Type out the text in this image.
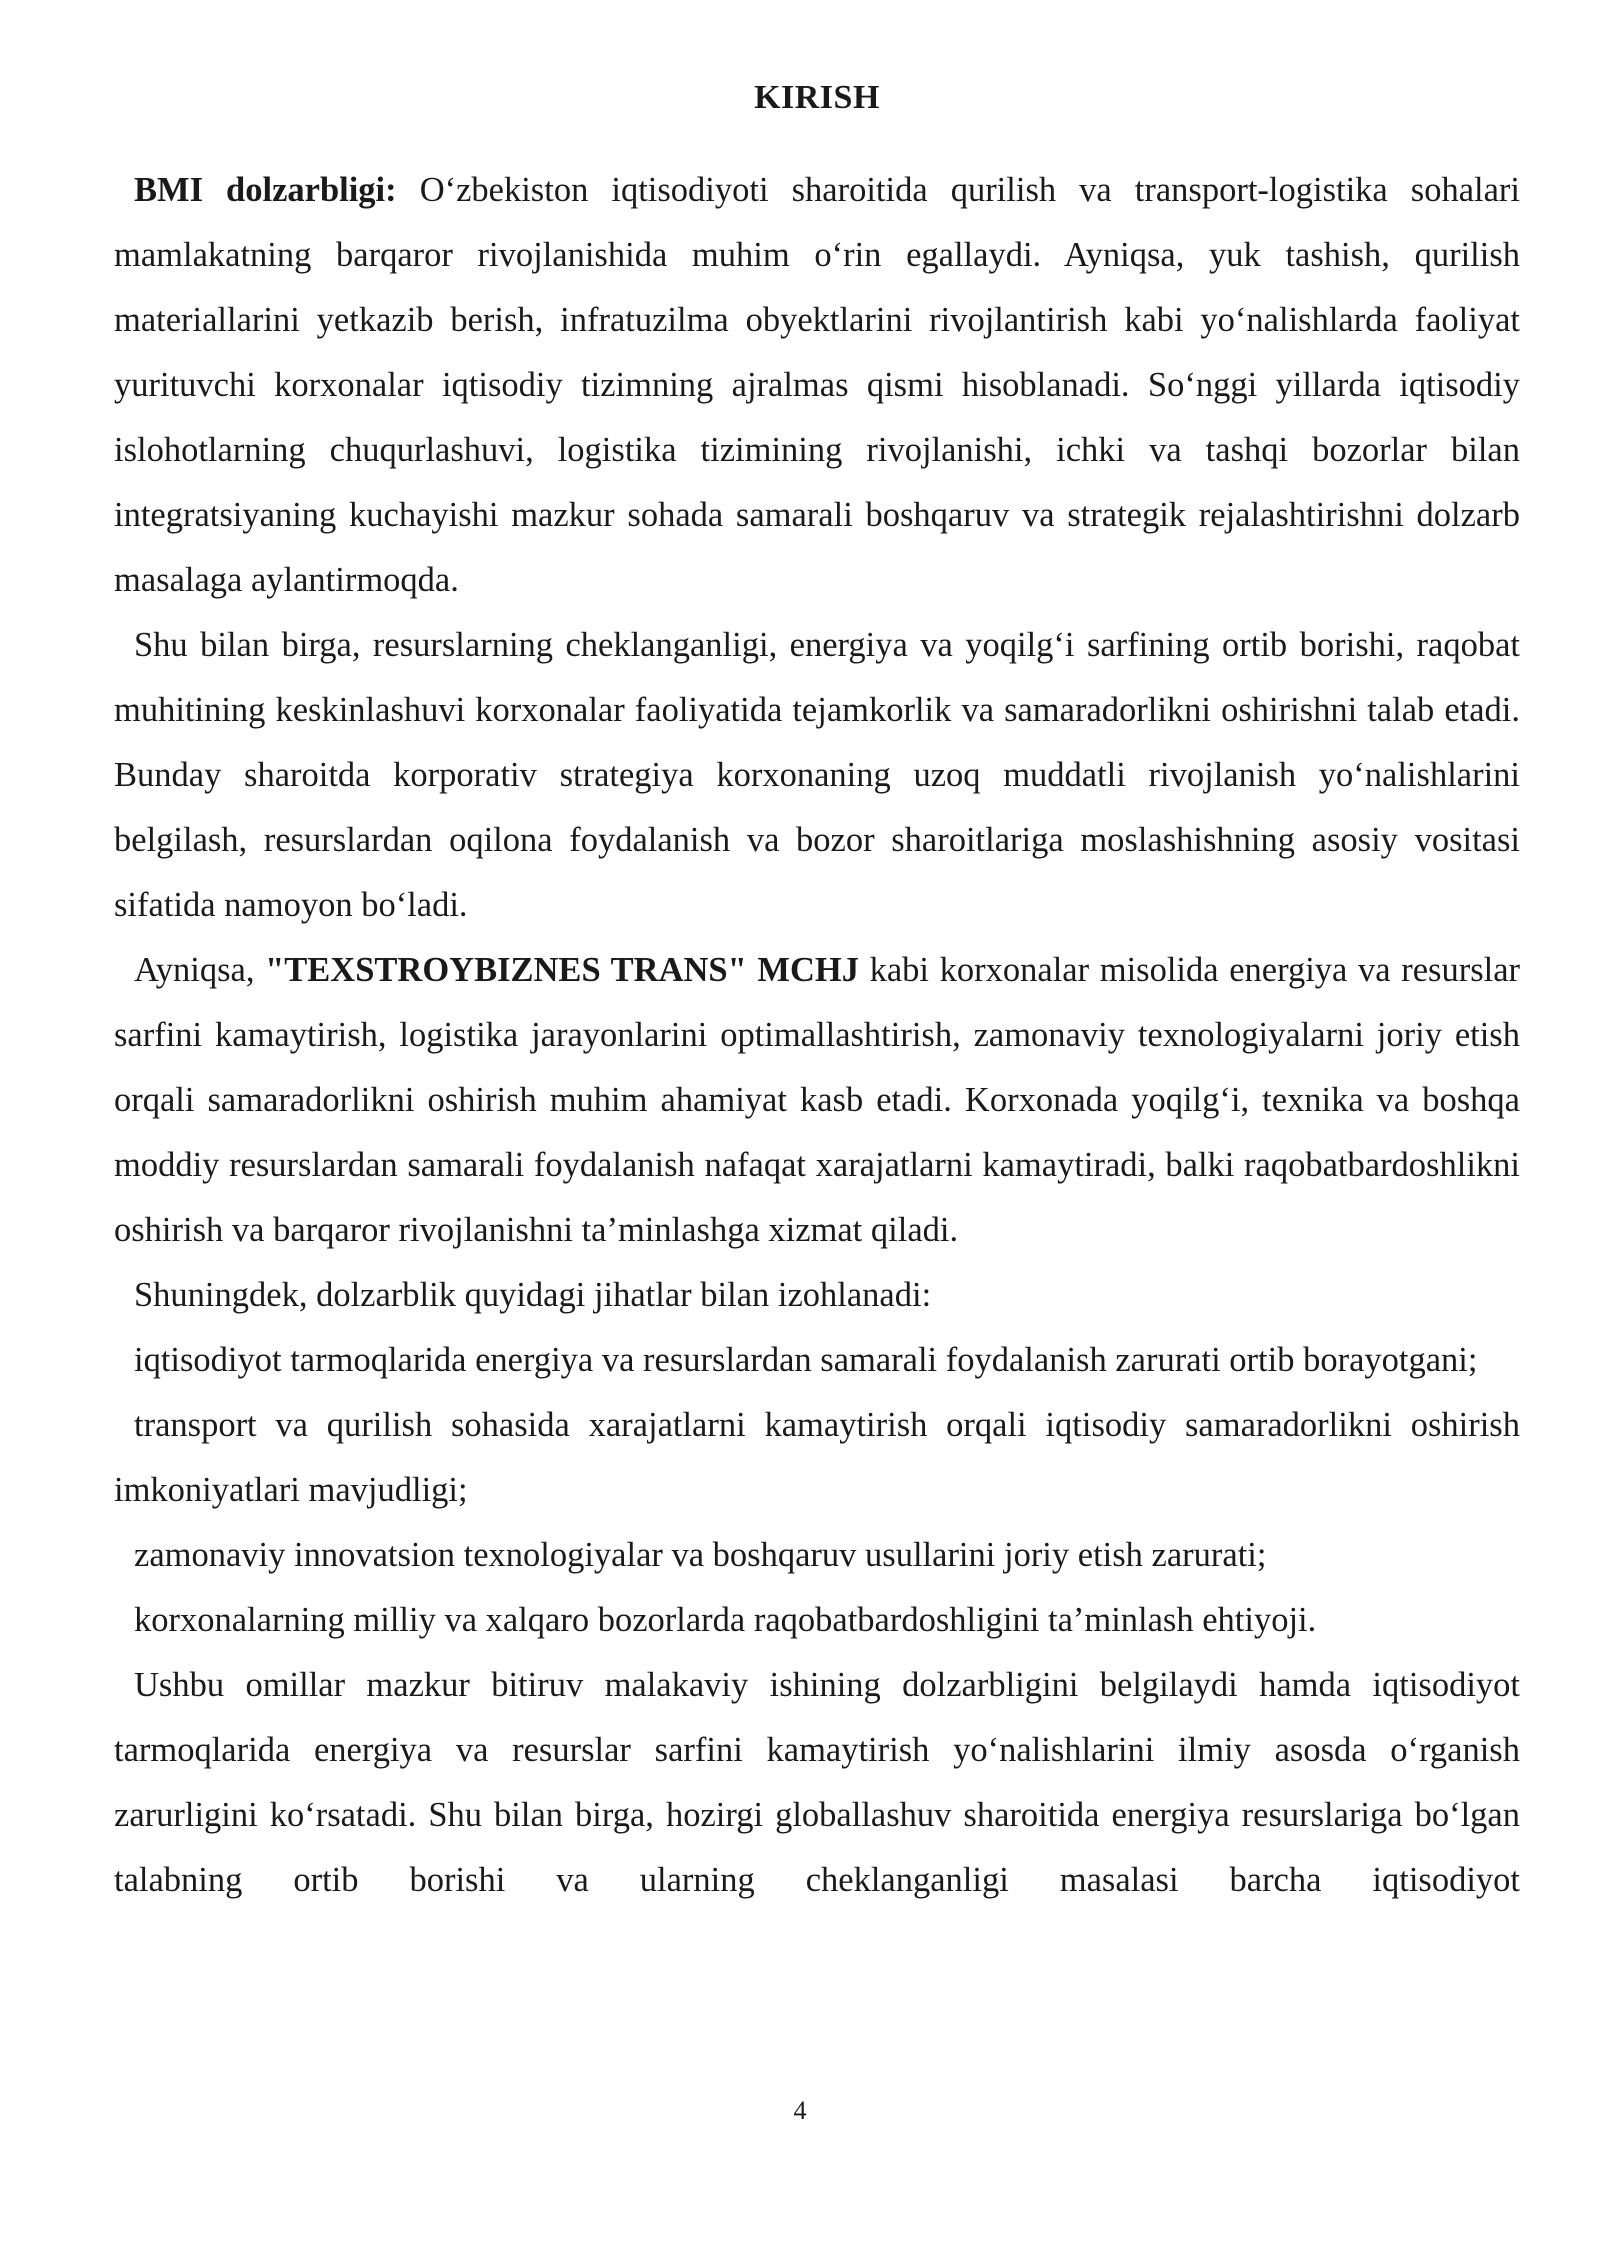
KIRISH

BMI dolzarbligi: O‘zbekiston iqtisodiyoti sharoitida qurilish va transport-logistika sohalari mamlakatning barqaror rivojlanishida muhim o‘rin egallaydi. Ayniqsa, yuk tashish, qurilish materiallarini yetkazib berish, infratuzilma obyektlarini rivojlantirish kabi yo‘nalishlarda faoliyat yurituvchi korxonalar iqtisodiy tizimning ajralmas qismi hisoblanadi. So‘nggi yillarda iqtisodiy islohotlarning chuqurlashuvi, logistika tizimining rivojlanishi, ichki va tashqi bozorlar bilan integratsiyaning kuchayishi mazkur sohada samarali boshqaruv va strategik rejalashtirishni dolzarb masalaga aylantirmoqda.

Shu bilan birga, resurslarning cheklanganligi, energiya va yoqilg‘i sarfining ortib borishi, raqobat muhitining keskinlashuvi korxonalar faoliyatida tejamkorlik va samaradorlikni oshirishni talab etadi. Bunday sharoitda korporativ strategiya korxonaning uzoq muddatli rivojlanish yo‘nalishlarini belgilash, resurslardan oqilona foydalanish va bozor sharoitlariga moslashishning asosiy vositasi sifatida namoyon bo‘ladi.

Ayniqsa, "TEXSTROYBIZNES TRANS" MCHJ kabi korxonalar misolida energiya va resurslar sarfini kamaytirish, logistika jarayonlarini optimallashtirish, zamonaviy texnologiyalarni joriy etish orqali samaradorlikni oshirish muhim ahamiyat kasb etadi. Korxonada yoqilg‘i, texnika va boshqa moddiy resurslardan samarali foydalanish nafaqat xarajatlarni kamaytiradi, balki raqobatbardoshlikni oshirish va barqaror rivojlanishni ta’minlashga xizmat qiladi.

Shuningdek, dolzarblik quyidagi jihatlar bilan izohlanadi:

iqtisodiyot tarmoqlarida energiya va resurslardan samarali foydalanish zarurati ortib borayotgani;

transport va qurilish sohasida xarajatlarni kamaytirish orqali iqtisodiy samaradorlikni oshirish imkoniyatlari mavjudligi;

zamonaviy innovatsion texnologiyalar va boshqaruv usullarini joriy etish zarurati;

korxonalarning milliy va xalqaro bozorlarda raqobatbardoshligini ta’minlash ehtiyoji.

Ushbu omillar mazkur bitiruv malakaviy ishining dolzarbligini belgilaydi hamda iqtisodiyot tarmoqlarida energiya va resurslar sarfini kamaytirish yo‘nalishlarini ilmiy asosda o‘rganish zarurligini ko‘rsatadi. Shu bilan birga, hozirgi globallashuv sharoitida energiya resurslariga bo‘lgan talabning ortib borishi va ularning cheklanganligi masalasi barcha iqtisodiyot

4
